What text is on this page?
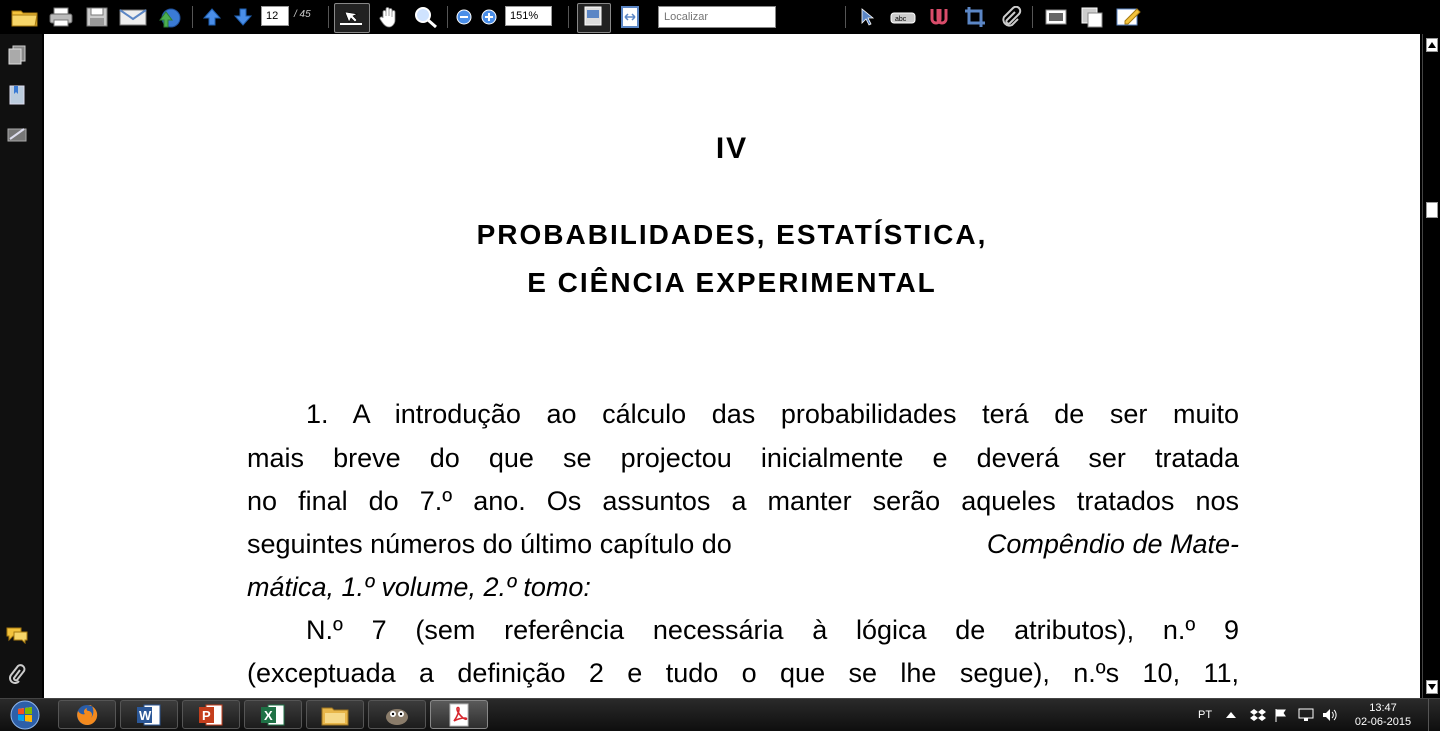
12	/ 45	151%
Localizar	abc
IV
PROBABILIDADES, ESTATÍSTICA,
E CIÊNCIA EXPERIMENTAL
1. A introdução ao cálculo das probabilidades terá de ser muito
mais breve do que se projectou inicialmente e deverá ser tratada
no final do 7.º ano. Os assuntos a manter serão aqueles tratados nos
seguintes números do último capítulo do	Compêndio de Mate-
mática, 1.º volume, 2.º tomo:
N.º 7 (sem referência necessária à lógica de atributos), n.º 9
(exceptuada a definição 2 e tudo o que se lhe segue), n.ºs 10, 11,
W	P	X	PT
13:47
02-06-2015
